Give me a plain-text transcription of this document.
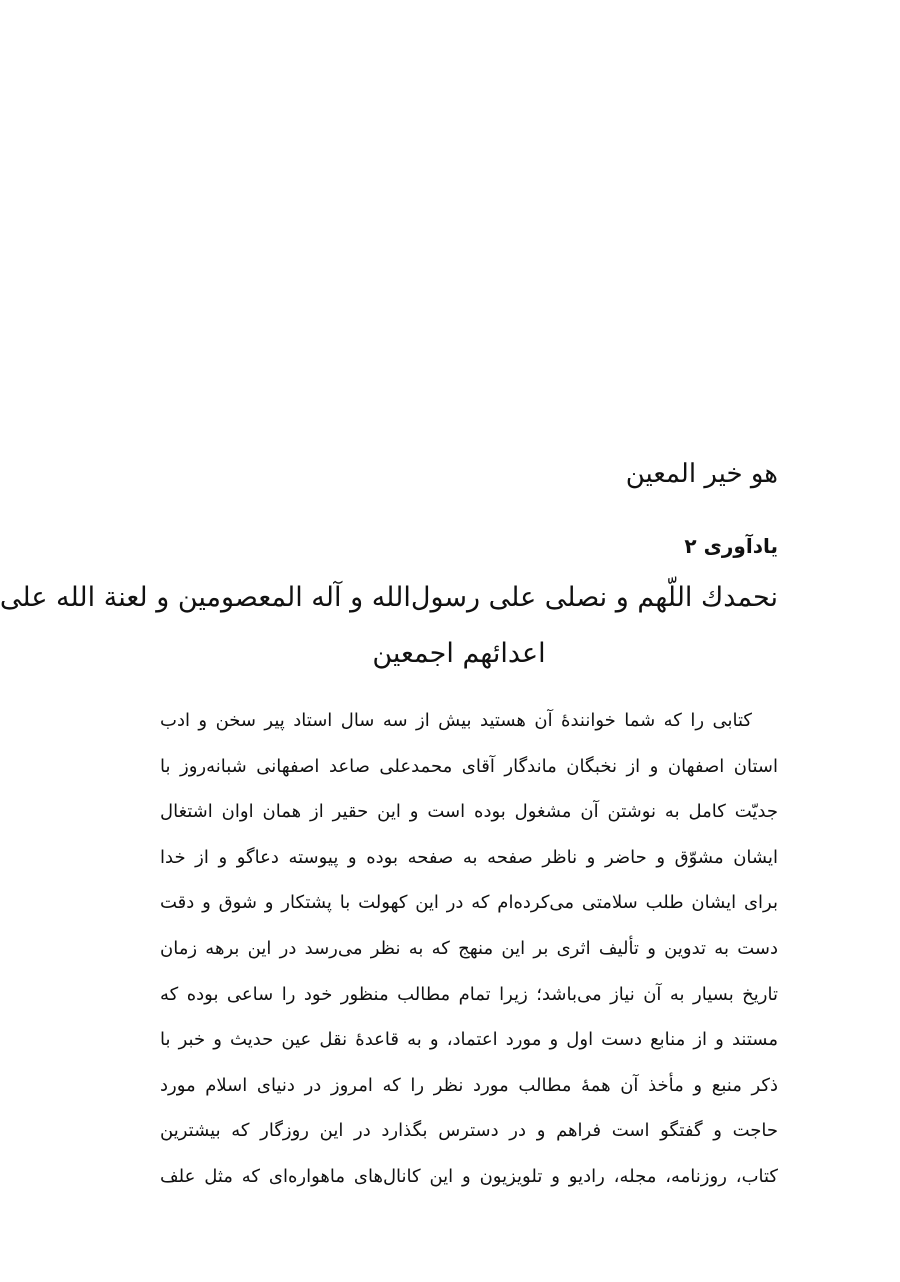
هو خیر المعین
یادآوری ۲
نحمدك اللّهم و نصلی علی رسول‌الله و آله المعصومین و لعنة الله علی
اعدائهم اجمعین
کتابی را که شما خوانندهٔ آن هستید بیش از سه سال استاد پیر سخن و ادب
استان اصفهان و از نخبگان ماندگار آقای محمدعلی صاعد اصفهانی شبانه‌روز با
جدیّت کامل به نوشتن آن مشغول بوده است و این حقیر از همان اوان اشتغال
ایشان مشوّق و حاضر و ناظر صفحه به صفحه بوده و پیوسته دعاگو و از خدا
برای ایشان طلب سلامتی می‌کرده‌ام که در این کهولت با پشتکار و شوق و دقت
دست به تدوین و تألیف اثری بر این منهج که به نظر می‌رسد در این برهه زمان
تاریخ بسیار به آن نیاز می‌باشد؛ زیرا تمام مطالب منظور خود را ساعی بوده که
مستند و از منابع دست اول و مورد اعتماد، و به قاعدهٔ نقل عین حدیث و خبر با
ذکر منبع و مأخذ آن همهٔ مطالب مورد نظر را که امروز در دنیای اسلام مورد
حاجت و گفتگو است فراهم و در دسترس بگذارد در این روزگار که بیشترین
کتاب، روزنامه، مجله، رادیو و تلویزیون و این کانال‌های ماهواره‌ای که مثل علف
